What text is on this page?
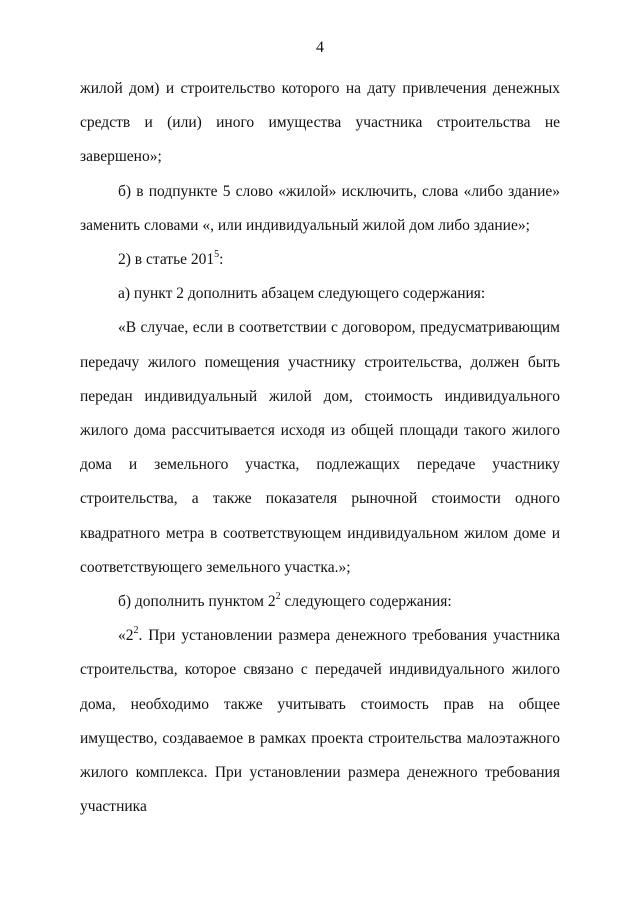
4

жилой дом) и строительство которого на дату привлечения денежных средств и (или) иного имущества участника строительства не завершено»;

б) в подпункте 5 слово «жилой» исключить, слова «либо здание» заменить словами «, или индивидуальный жилой дом либо здание»;

2) в статье $201^5$:

а) пункт 2 дополнить абзацем следующего содержания:

«В случае, если в соответствии с договором, предусматривающим передачу жилого помещения участнику строительства, должен быть передан индивидуальный жилой дом, стоимость индивидуального жилого дома рассчитывается исходя из общей площади такого жилого дома и земельного участка, подлежащих передаче участнику строительства, а также показателя рыночной стоимости одного квадратного метра в соответствующем индивидуальном жилом доме и соответствующего земельного участка.»;

б) дополнить пунктом $2^2$ следующего содержания:

«$2^2$. При установлении размера денежного требования участника строительства, которое связано с передачей индивидуального жилого дома, необходимо также учитывать стоимость прав на общее имущество, создаваемое в рамках проекта строительства малоэтажного жилого комплекса. При установлении размера денежного требования участника
